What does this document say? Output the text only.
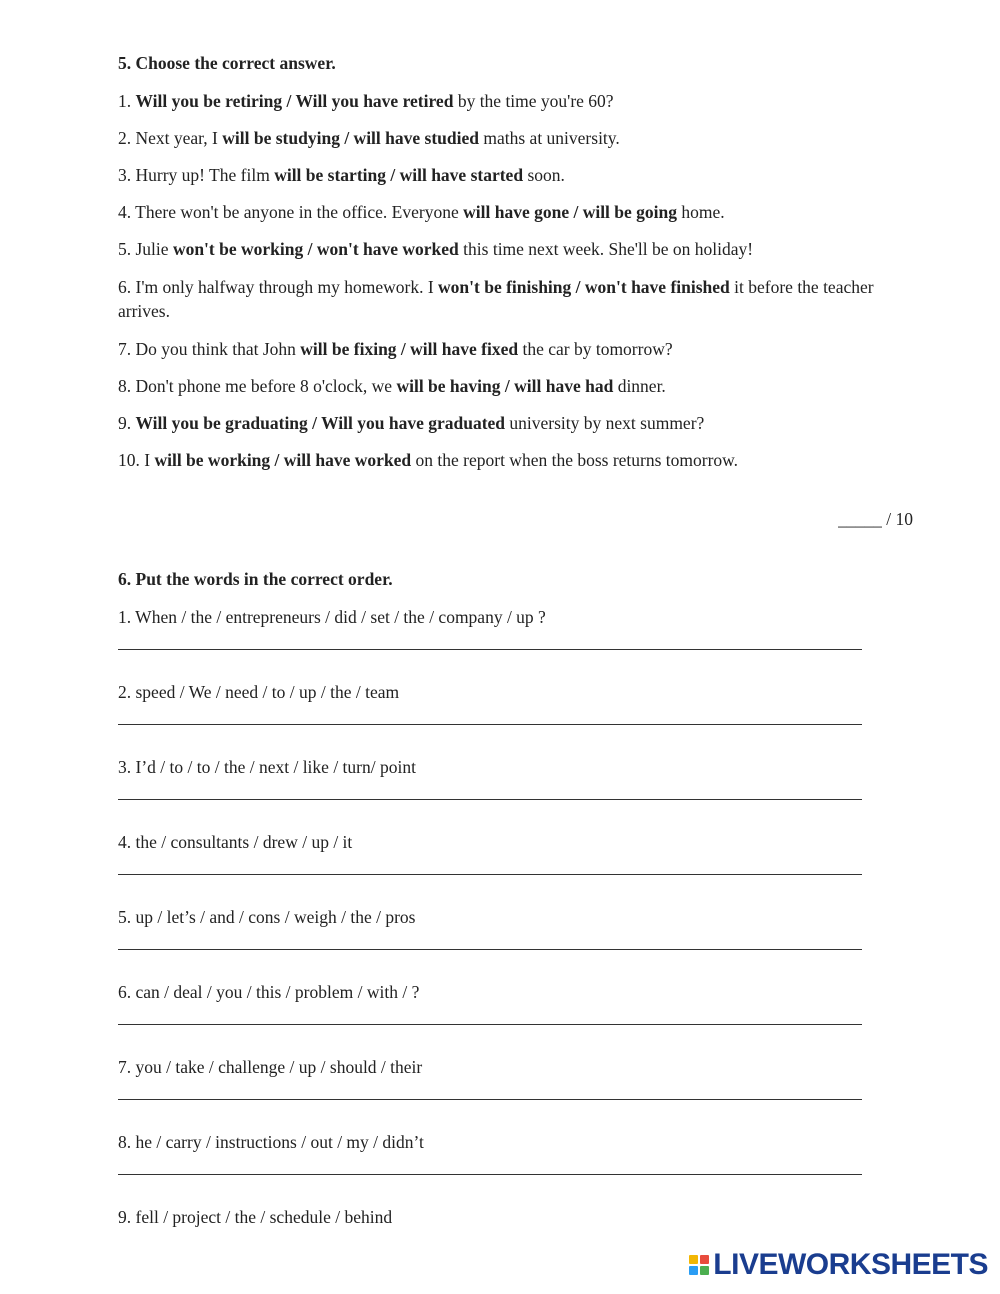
5. Choose the correct answer.
1. Will you be retiring / Will you have retired by the time you're 60?
2. Next year, I will be studying / will have studied maths at university.
3. Hurry up! The film will be starting / will have started soon.
4. There won't be anyone in the office. Everyone will have gone / will be going home.
5. Julie won't be working / won't have worked this time next week. She'll be on holiday!
6. I'm only halfway through my homework. I won't be finishing / won't have finished it before the teacher arrives.
7. Do you think that John will be fixing / will have fixed the car by tomorrow?
8. Don't phone me before 8 o'clock, we will be having / will have had dinner.
9. Will you be graduating / Will you have graduated university by next summer?
10. I will be working / will have worked on the report when the boss returns tomorrow.
_____ / 10
6. Put the words in the correct order.
1. When / the / entrepreneurs / did / set / the / company / up ?
2. speed / We / need / to / up / the / team
3. I’d / to / to / the / next / like / turn/ point
4. the / consultants / drew / up / it
5. up / let’s / and / cons / weigh / the / pros
6. can / deal / you / this / problem / with / ?
7. you / take / challenge / up / should / their
8. he / carry / instructions / out / my / didn’t
9. fell / project / the / schedule / behind
LIVEWORKSHEETS
